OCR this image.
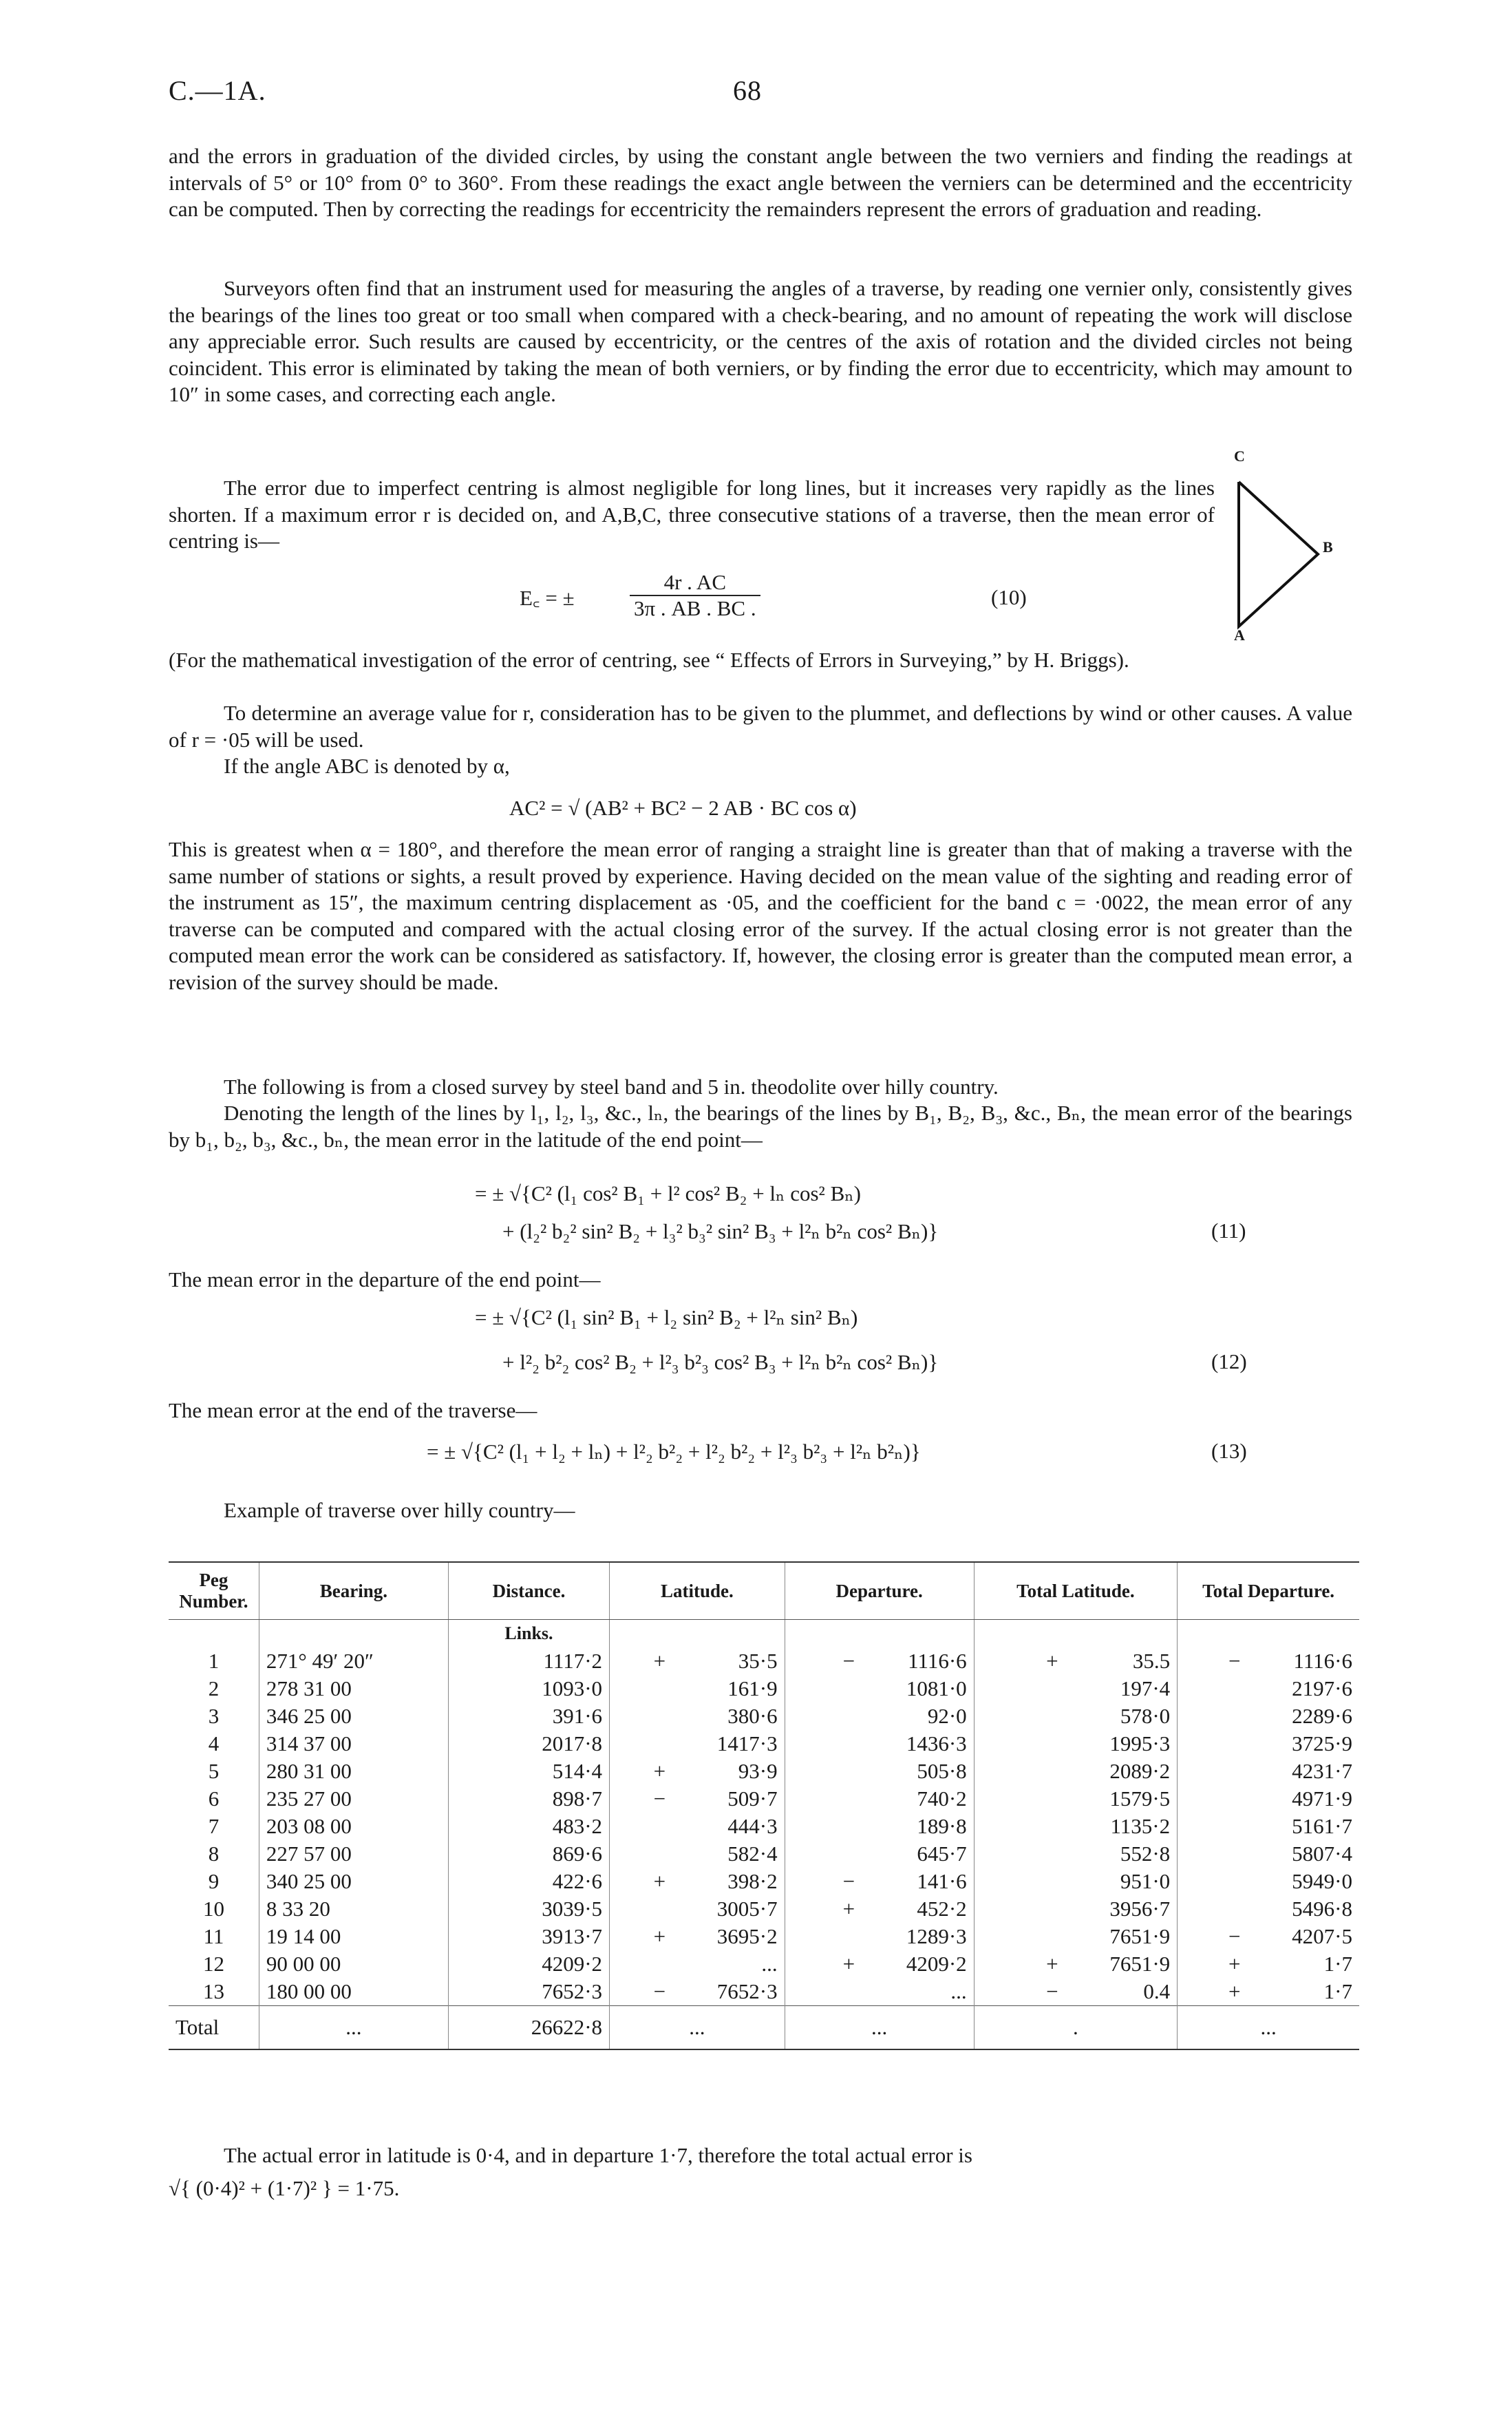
C.—1A.	68

and the errors in graduation of the divided circles, by using the constant angle between the two verniers and finding the readings at intervals of 5° or 10° from 0° to 360°. From these readings the exact angle between the verniers can be determined and the eccentricity can be computed. Then by correcting the readings for eccentricity the remainders represent the errors of graduation and reading.

Surveyors often find that an instrument used for measuring the angles of a traverse, by reading one vernier only, consistently gives the bearings of the lines too great or too small when compared with a check-bearing, and no amount of repeating the work will disclose any appreciable error. Such results are caused by eccentricity, or the centres of the axis of rotation and the divided circles not being coincident. This error is eliminated by taking the mean of both verniers, or by finding the error due to eccentricity, which may amount to 10″ in some cases, and correcting each angle.

The error due to imperfect centring is almost negligible for long lines, but it increases very rapidly as the lines shorten. If a maximum error r is decided on, and A,B,C, three consecutive stations of a traverse, then the mean error of centring is—

C
B
A
E꜀ = ±	$\frac{4r . AC}{3\pi . AB . BC .}$	(10)

(For the mathematical investigation of the error of centring, see “ Effects of Errors in Surveying,” by H. Briggs).

To determine an average value for r, consideration has to be given to the plummet, and deflections by wind or other causes. A value of r = ·05 will be used.

If the angle ABC is denoted by α,

AC² = √ (AB² + BC² − 2 AB · BC cos α)

This is greatest when α = 180°, and therefore the mean error of ranging a straight line is greater than that of making a traverse with the same number of stations or sights, a result proved by experience. Having decided on the mean value of the sighting and reading error of the instrument as 15″, the maximum centring displacement as ·05, and the coefficient for the band c = ·0022, the mean error of any traverse can be computed and compared with the actual closing error of the survey. If the actual closing error is not greater than the computed mean error the work can be considered as satisfactory. If, however, the closing error is greater than the computed mean error, a revision of the survey should be made.

The following is from a closed survey by steel band and 5 in. theodolite over hilly country.

Denoting the length of the lines by l₁, l₂, l₃, &c., lₙ, the bearings of the lines by B₁, B₂, B₃, &c., Bₙ, the mean error of the bearings by b₁, b₂, b₃, &c., bₙ, the mean error in the latitude of the end point—

= ± √{C² (l₁ cos² B₁ + l² cos² B₂ + lₙ cos² Bₙ)
+ (l₂² b₂² sin² B₂ + l₃² b₃² sin² B₃ + l²ₙ b²ₙ cos² Bₙ)}	(11)

The mean error in the departure of the end point—

= ± √{C² (l₁ sin² B₁ + l₂ sin² B₂ + l²ₙ sin² Bₙ)
+ l²₂ b²₂ cos² B₂ + l²₃ b²₃ cos² B₃ + l²ₙ b²ₙ cos² Bₙ)}	(12)

The mean error at the end of the traverse—

= ± √{C² (l₁ + l₂ + lₙ) + l²₂ b²₂ + l²₂ b²₂ + l²₃ b²₃ + l²ₙ b²ₙ)}	(13)

Example of traverse over hilly country—

Peg Number.	Bearing.	Distance.	Latitude.	Departure.	Total Latitude.	Total Departure.
		Links.				
1	271° 49′ 20″	1117·2	+ 35·5	− 1116·6	+ 35.5	− 1116·6
2	278 31 00	1093·0	161·9	1081·0	197·4	2197·6
3	346 25 00	391·6	380·6	92·0	578·0	2289·6
4	314 37 00	2017·8	1417·3	1436·3	1995·3	3725·9
5	280 31 00	514·4	+ 93·9	505·8	2089·2	4231·7
6	235 27 00	898·7	− 509·7	740·2	1579·5	4971·9
7	203 08 00	483·2	444·3	189·8	1135·2	5161·7
8	227 57 00	869·6	582·4	645·7	552·8	5807·4
9	340 25 00	422·6	+ 398·2	− 141·6	951·0	5949·0
10	8 33 20	3039·5	3005·7	+ 452·2	3956·7	5496·8
11	19 14 00	3913·7	+ 3695·2	1289·3	7651·9	− 4207·5
12	90 00 00	4209·2	...	+ 4209·2	+ 7651·9	+ 1·7
13	180 00 00	7652·3	− 7652·3	...	− 0.4	+ 1·7
Total	...	26622·8	...	...	.	...

The actual error in latitude is 0·4, and in departure 1·7, therefore the total actual error is

√{ (0·4)² + (1·7)² } = 1·75.
